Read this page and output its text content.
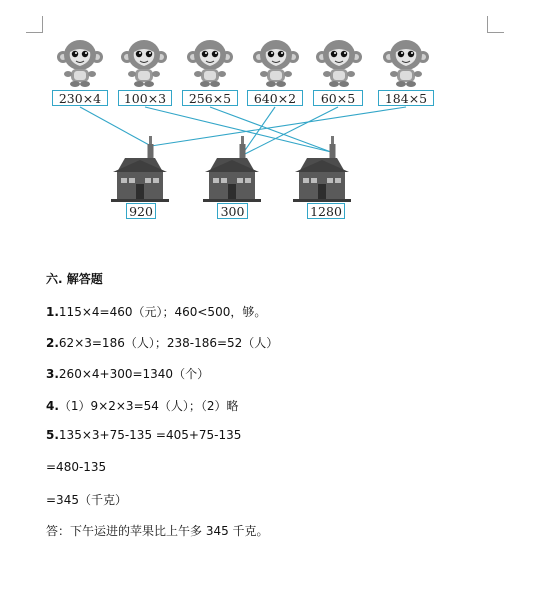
230×4	100×3	256×5	640×2	60×5	184×5
920	300	1280
六. 解答题
1.115×4=460（元）；460<500，够。
2.62×3=186（人）；238-186=52（人）
3.260×4+300=1340（个）
4.（1）9×2×3=54（人）；（2）略
5.135×3+75-135 =405+75-135
=480-135
=345（千克）
答：下午运进的苹果比上午多 345 千克。
